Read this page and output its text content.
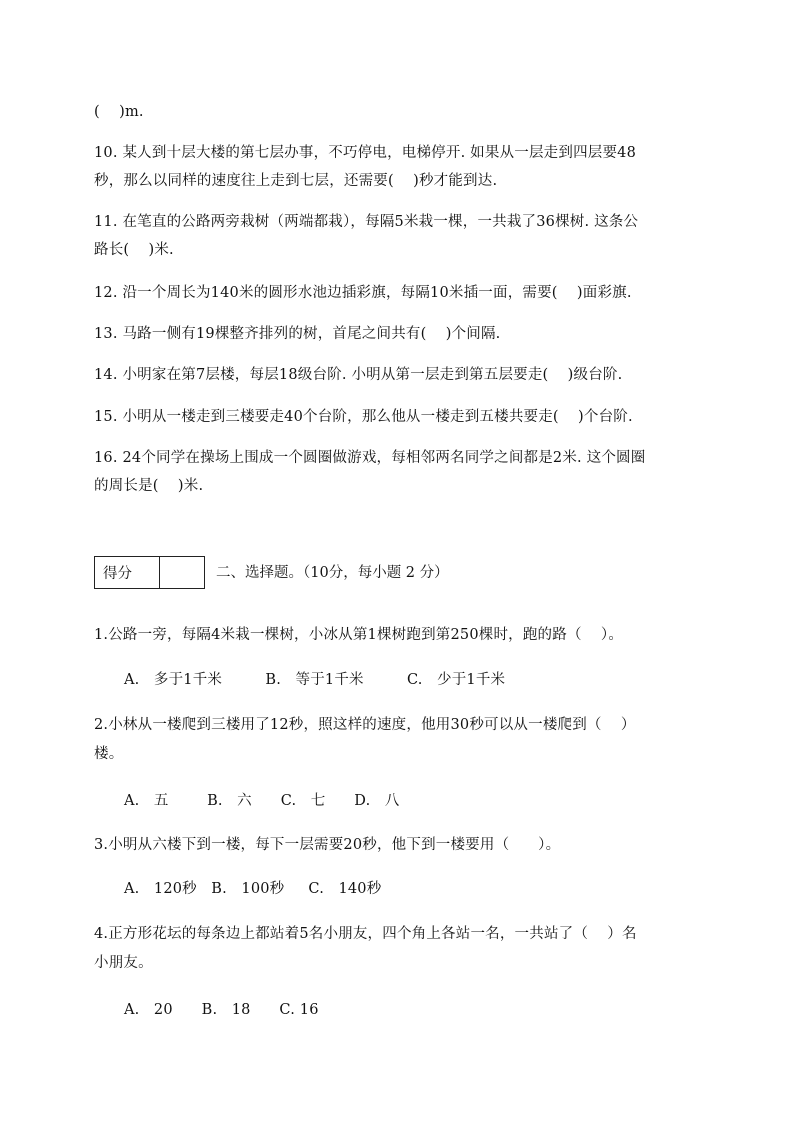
(    )m.
10. 某人到十层大楼的第七层办事，不巧停电，电梯停开. 如果从一层走到四层要48
秒，那么以同样的速度往上走到七层，还需要(    )秒才能到达.
11. 在笔直的公路两旁栽树（两端都栽），每隔5米栽一棵，一共栽了36棵树. 这条公
路长(    )米.
12. 沿一个周长为140米的圆形水池边插彩旗，每隔10米插一面，需要(    )面彩旗.
13. 马路一侧有19棵整齐排列的树，首尾之间共有(    )个间隔.
14. 小明家在第7层楼，每层18级台阶. 小明从第一层走到第五层要走(    )级台阶.
15. 小明从一楼走到三楼要走40个台阶，那么他从一楼走到五楼共要走(    )个台阶.
16. 24个同学在操场上围成一个圆圈做游戏，每相邻两名同学之间都是2米. 这个圆圈
的周长是(    )米.
得分	二、选择题。（10分，每小题 2 分）
1.公路一旁，每隔4米栽一棵树，小冰从第1棵树跑到第250棵时，跑的路（    ）。
A.   多于1千米         B.   等于1千米         C.   少于1千米
2.小林从一楼爬到三楼用了12秒，照这样的速度，他用30秒可以从一楼爬到（    ）
楼。
A.   五        B.   六      C.   七      D.   八
3.小明从六楼下到一楼，每下一层需要20秒，他下到一楼要用（      ）。
A.   120秒   B.   100秒     C.   140秒
4.正方形花坛的每条边上都站着5名小朋友，四个角上各站一名，一共站了（    ）名
小朋友。
A.   20      B.   18      C. 16
